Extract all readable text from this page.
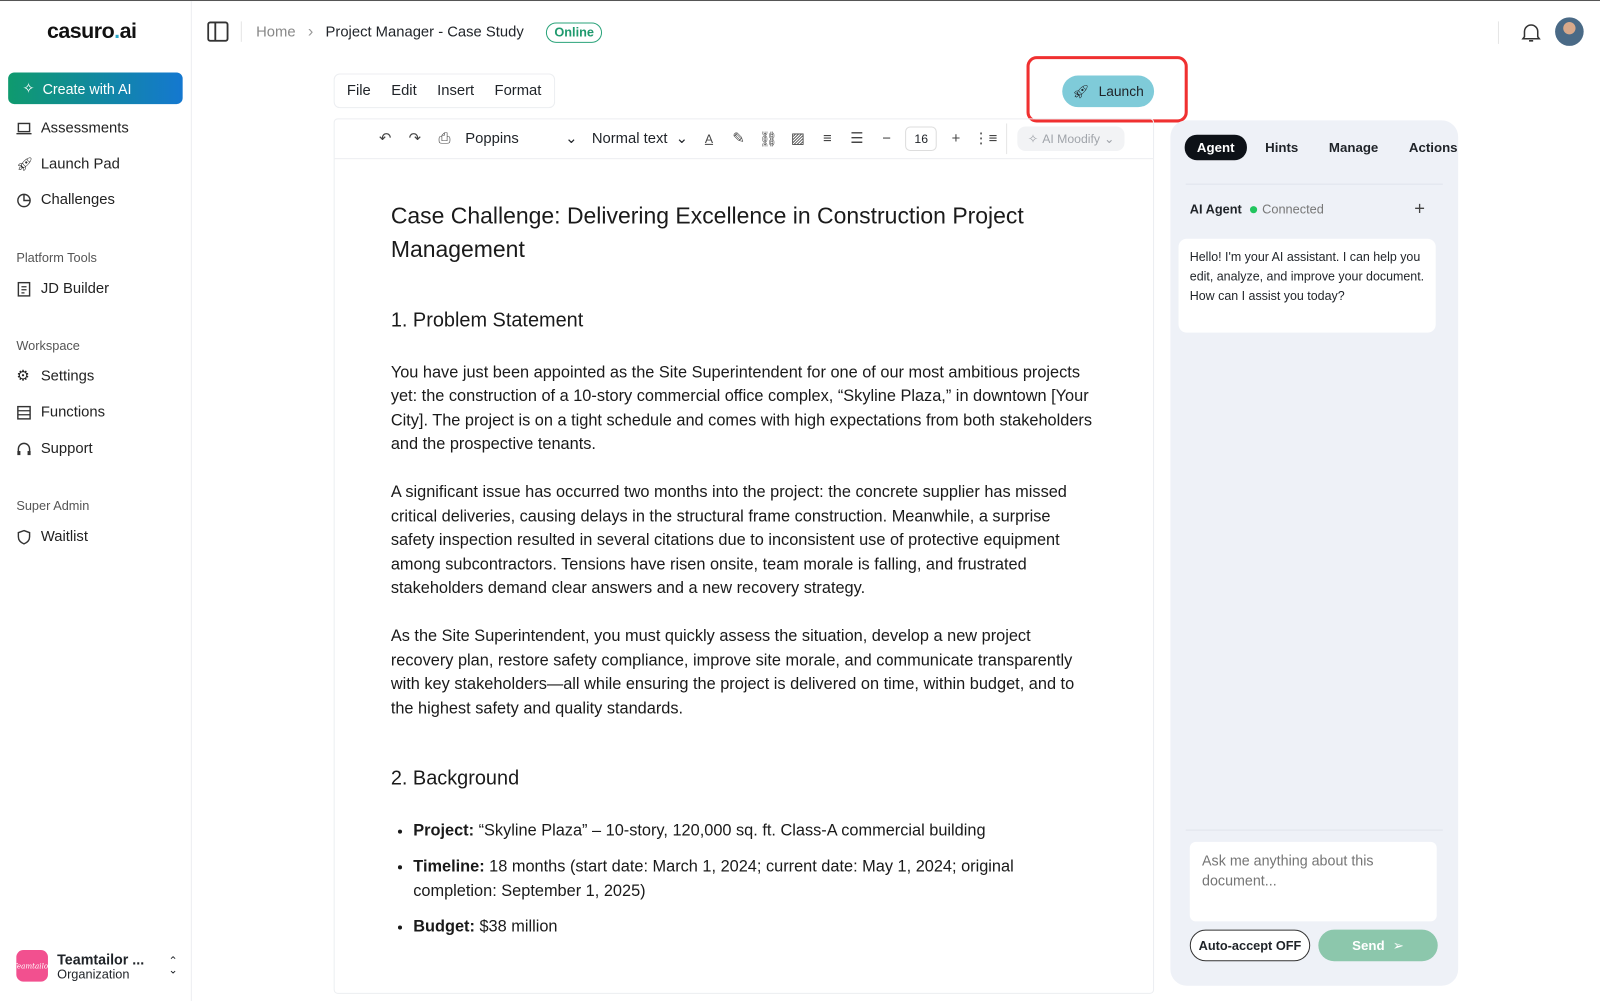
casuro.ai
✧ Create with AI
Assessments
🚀︎ Launch Pad
Challenges
Platform Tools
JD Builder
Workspace
⚙ Settings
Functions
Support
Super Admin
Waitlist
Teamtailor Teamtailor ...
Organization
⌃
⌄
Home › Project Manager - Case Study	Online
File Edit Insert Format	🚀︎ Launch
↶	↷	⎙	Poppins	⌄ Normal text ⌄	A	✎ ⛓ ▨	≡	☰	−	16	+ ⋮≡	✧ AI Moodify ⌄
Case Challenge: Delivering Excellence in Construction Project Management
1. Problem Statement

You have just been appointed as the Site Superintendent for one of our most ambitious projects yet: the construction of a 10-story commercial office complex, “Skyline Plaza,” in downtown [Your City]. The project is on a tight schedule and comes with high expectations from both stakeholders and the prospective tenants.

A significant issue has occurred two months into the project: the concrete supplier has missed critical deliveries, causing delays in the structural frame construction. Meanwhile, a surprise safety inspection resulted in several citations due to inconsistent use of protective equipment among subcontractors. Tensions have risen onsite, team morale is falling, and frustrated stakeholders demand clear answers and a new recovery strategy.

As the Site Superintendent, you must quickly assess the situation, develop a new project recovery plan, restore safety compliance, improve site morale, and communicate transparently with key stakeholders—all while ensuring the project is delivered on time, within budget, and to the highest safety and quality standards.

2. Background
• Project: “Skyline Plaza” – 10-story, 120,000 sq. ft. Class-A commercial building
• Timeline: 18 months (start date: March 1, 2024; current date: May 1, 2024; original completion: September 1, 2025)
• Budget: $38 million
Agent	Hints	Manage	Actions
AI Agent Connected	+
Hello! I'm your AI assistant. I can help you edit, analyze, and improve your document. How can I assist you today?
Ask me anything about this document...
Auto-accept OFF	Send ➢
